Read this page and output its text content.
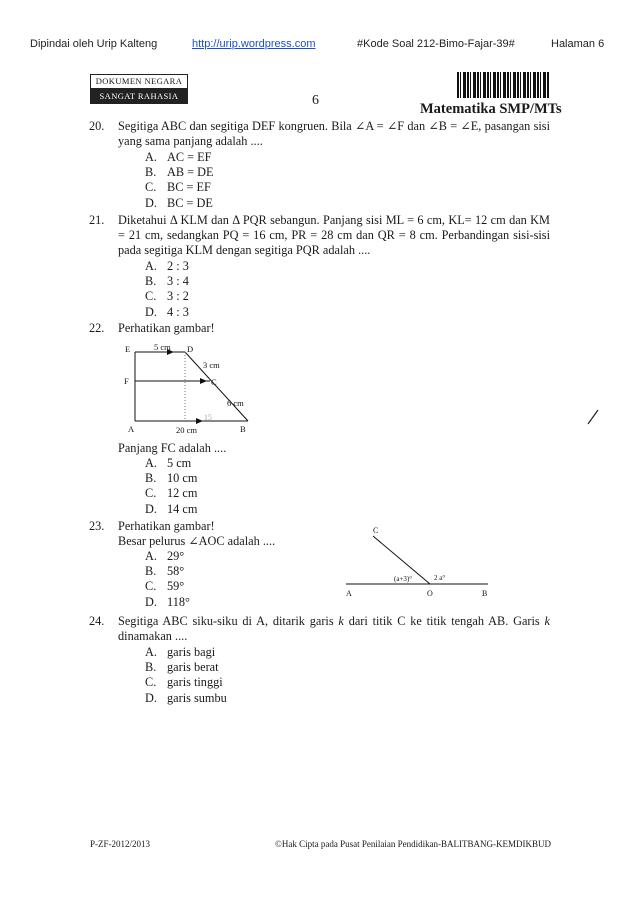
Dipindai oleh Urip Kalteng	http://urip.wordpress.com	#Kode Soal 212-Bimo-Fajar-39#	Halaman 6
DOKUMEN NEGARA
SANGAT RAHASIA	6
Matematika SMP/MTs
20. Segitiga ABC dan segitiga DEF kongruen. Bila ∠A = ∠F dan ∠B = ∠E, pasangan sisi yang sama panjang adalah ....
A. AC = EF
B. AB = DE
C. BC = EF
D. BC = DE
21. Diketahui Δ KLM dan Δ PQR sebangun. Panjang sisi ML = 6 cm, KL= 12 cm dan KM = 21 cm, sedangkan PQ = 16 cm, PR = 28 cm dan QR = 8 cm. Perbandingan sisi-sisi pada segitiga KLM dengan segitiga PQR adalah ....
A. 2 : 3
B. 3 : 4
C. 3 : 2
D. 4 : 3
22. Perhatikan gambar!
E	D
F	C
A	B
5 cm
3 cm
6 cm
20 cm
15
Panjang FC adalah ....
A. 5 cm
B. 10 cm
C. 12 cm
D. 14 cm
23. Perhatikan gambar!
Besar pelurus ∠AOC adalah ....
A. 29°
B. 58°
C. 59°
D. 118°
C
A	O	B
(a+3)°	2 a°
24. Segitiga ABC siku-siku di A, ditarik garis k dari titik C ke titik tengah AB. Garis k dinamakan ....
A. garis bagi
B. garis berat
C. garis tinggi
D. garis sumbu
P-ZF-2012/2013	©Hak Cipta pada Pusat Penilaian Pendidikan-BALITBANG-KEMDIKBUD
